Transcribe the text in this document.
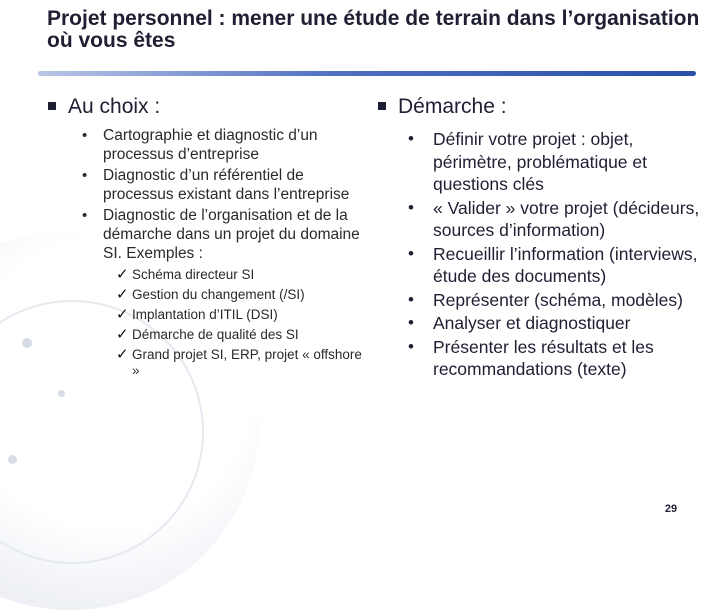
Projet personnel : mener une étude de terrain dans l’organisation où vous êtes
Au choix :
• Cartographie et diagnostic d’un processus d’entreprise
• Diagnostic d’un référentiel de processus existant dans l’entreprise
• Diagnostic de l’organisation et de la démarche dans un projet du domaine SI. Exemples :
✓ Schéma directeur SI
✓ Gestion du changement (/SI)
✓ Implantation d’ITIL (DSI)
✓ Démarche de qualité des SI
✓ Grand projet SI, ERP, projet « offshore »
Démarche :
• Définir votre projet : objet, périmètre, problématique et questions clés
• « Valider » votre projet (décideurs, sources d’information)
• Recueillir l’information (interviews, étude des documents)
• Représenter (schéma, modèles)
• Analyser et diagnostiquer
• Présenter les résultats et les recommandations (texte)
29
